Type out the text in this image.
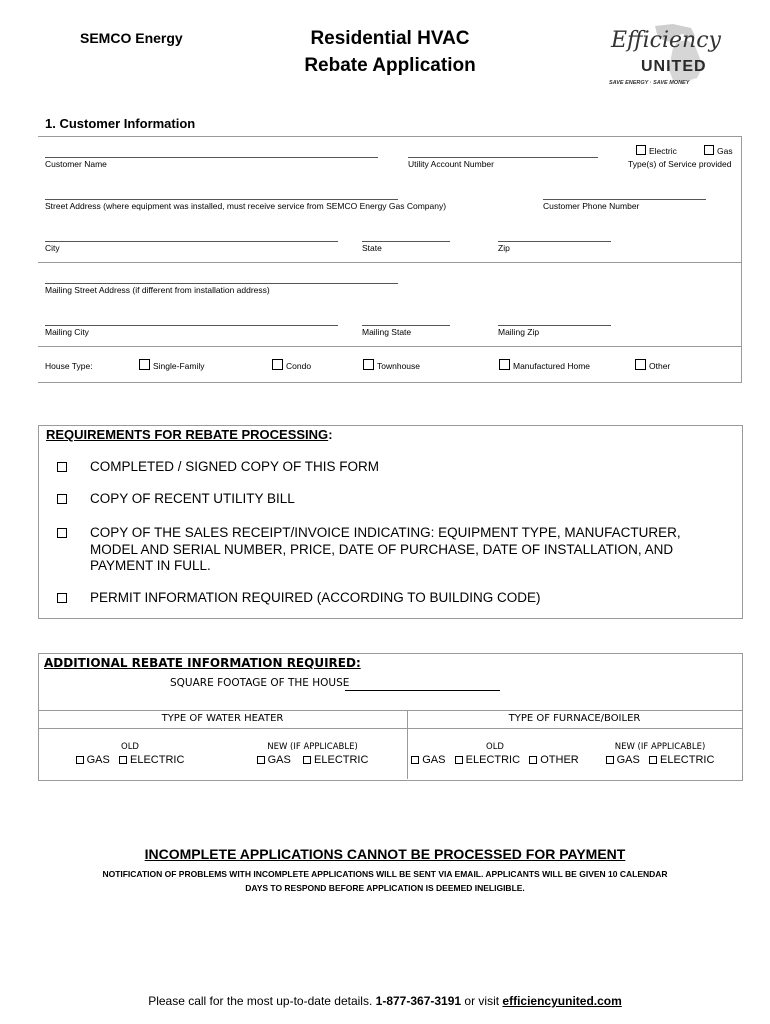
SEMCO Energy	Residential HVAC
Rebate Application
Efficiency
UNITED
SAVE ENERGY · SAVE MONEY
1. Customer Information
Customer Name	Utility Account Number
Electric	Gas
Type(s) of Service provided
Street Address (where equipment was installed, must receive service from SEMCO Energy Gas Company)	Customer Phone Number
City	State	Zip
Mailing Street Address (if different from installation address)
Mailing City	Mailing State	Mailing Zip
House Type:	Single-Family	Condo	Townhouse	Manufactured Home	Other
REQUIREMENTS FOR REBATE PROCESSING:
COMPLETED / SIGNED COPY OF THIS FORM
COPY OF RECENT UTILITY BILL
COPY OF THE SALES RECEIPT/INVOICE INDICATING: EQUIPMENT TYPE, MANUFACTURER, MODEL AND SERIAL NUMBER, PRICE, DATE OF PURCHASE, DATE OF INSTALLATION, AND PAYMENT IN FULL.
PERMIT INFORMATION REQUIRED (ACCORDING TO BUILDING CODE)
ADDITIONAL REBATE INFORMATION REQUIRED:
SQUARE FOOTAGE OF THE HOUSE
TYPE OF WATER HEATER	TYPE OF FURNACE/BOILER
OLD	NEW (IF APPLICABLE)	OLD	NEW (IF APPLICABLE)
GAS ELECTRIC	GAS ELECTRIC	GAS ELECTRIC OTHER	GAS ELECTRIC
INCOMPLETE APPLICATIONS CANNOT BE PROCESSED FOR PAYMENT
NOTIFICATION OF PROBLEMS WITH INCOMPLETE APPLICATIONS WILL BE SENT VIA EMAIL. APPLICANTS WILL BE GIVEN 10 CALENDAR
DAYS TO RESPOND BEFORE APPLICATION IS DEEMED INELIGIBLE.
Please call for the most up-to-date details. 1-877-367-3191 or visit efficiencyunited.com
